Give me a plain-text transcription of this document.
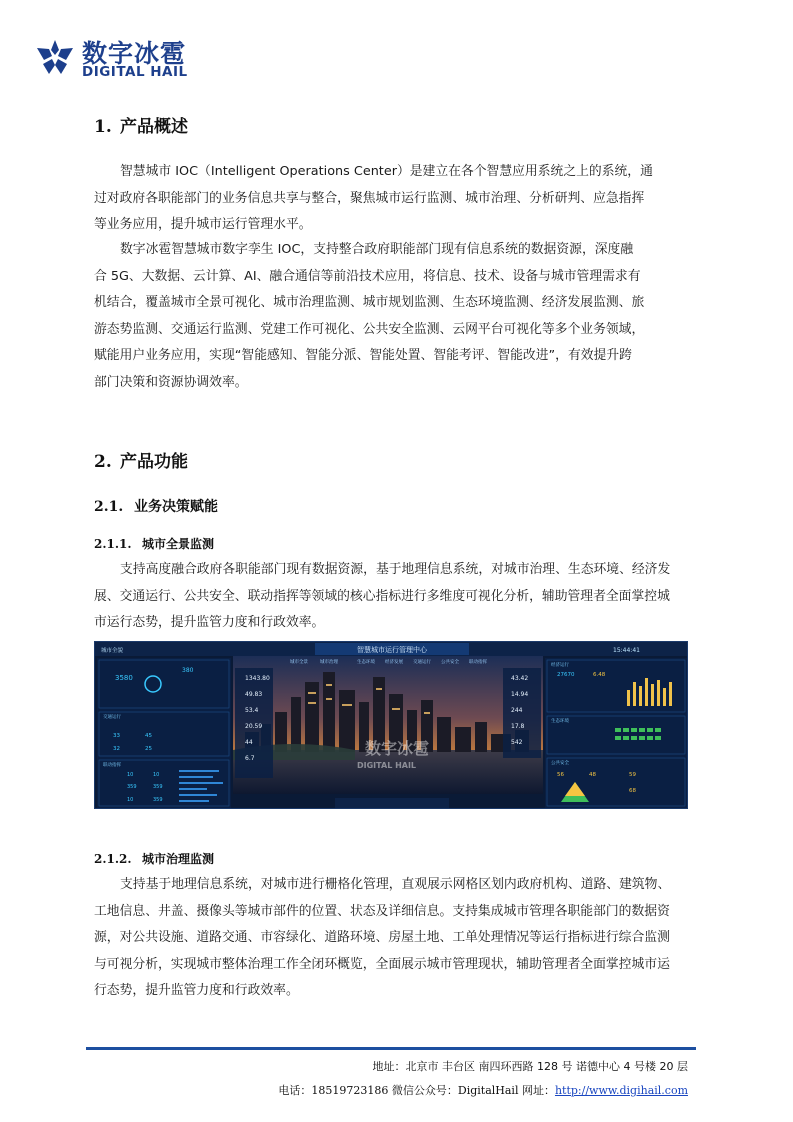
数字冰雹
DIGITAL HAIL
1. 产品概述
智慧城市 IOC（Intelligent Operations Center）是建立在各个智慧应用系统之上的系统，通
过对政府各职能部门的业务信息共享与整合，聚焦城市运行监测、城市治理、分析研判、应急指挥
等业务应用，提升城市运行管理水平。
数字冰雹智慧城市数字孪生 IOC，支持整合政府职能部门现有信息系统的数据资源，深度融
合 5G、大数据、云计算、AI、融合通信等前沿技术应用，将信息、技术、设备与城市管理需求有
机结合，覆盖城市全景可视化、城市治理监测、城市规划监测、生态环境监测、经济发展监测、旅
游态势监测、交通运行监测、党建工作可视化、公共安全监测、云网平台可视化等多个业务领域，
赋能用户业务应用，实现“智能感知、智能分派、智能处置、智能考评、智能改进”，有效提升跨
部门决策和资源协调效率。
2. 产品功能
2.1. 业务决策赋能
2.1.1. 城市全景监测
支持高度融合政府各职能部门现有数据资源，基于地理信息系统，对城市治理、生态环境、经济发
展、交通运行、公共安全、联动指挥等领域的核心指标进行多维度可视化分析，辅助管理者全面掌控城
市运行态势，提升监管力度和行政效率。
智慧城市运行管理中心
城市全貌	15:44:41
城市全景	城市治理	生态环境 经济发展 交通运行 公共安全 联动指挥
交通运行
联动指挥
3580
380
33	45
32	25
10	10
359	359
10	359
1343.80
49.83
53.4
20.59
44
6.7
43.42
14.94
244
17.8
542
数字冰雹
DIGITAL HAIL
经济运行
生态环境
公共安全
27670	6.48
56	48	59
68
2.1.2. 城市治理监测
支持基于地理信息系统，对城市进行栅格化管理，直观展示网格区划内政府机构、道路、建筑物、
工地信息、井盖、摄像头等城市部件的位置、状态及详细信息。支持集成城市管理各职能部门的数据资
源，对公共设施、道路交通、市容绿化、道路环境、房屋土地、工单处理情况等运行指标进行综合监测
与可视分析，实现城市整体治理工作全闭环概览，全面展示城市管理现状，辅助管理者全面掌控城市运
行态势，提升监管力度和行政效率。
地址：北京市 丰台区 南四环西路 128 号 诺德中心 4 号楼 20 层
电话：18519723186 微信公众号：DigitalHail 网址：http://www.digihail.com
